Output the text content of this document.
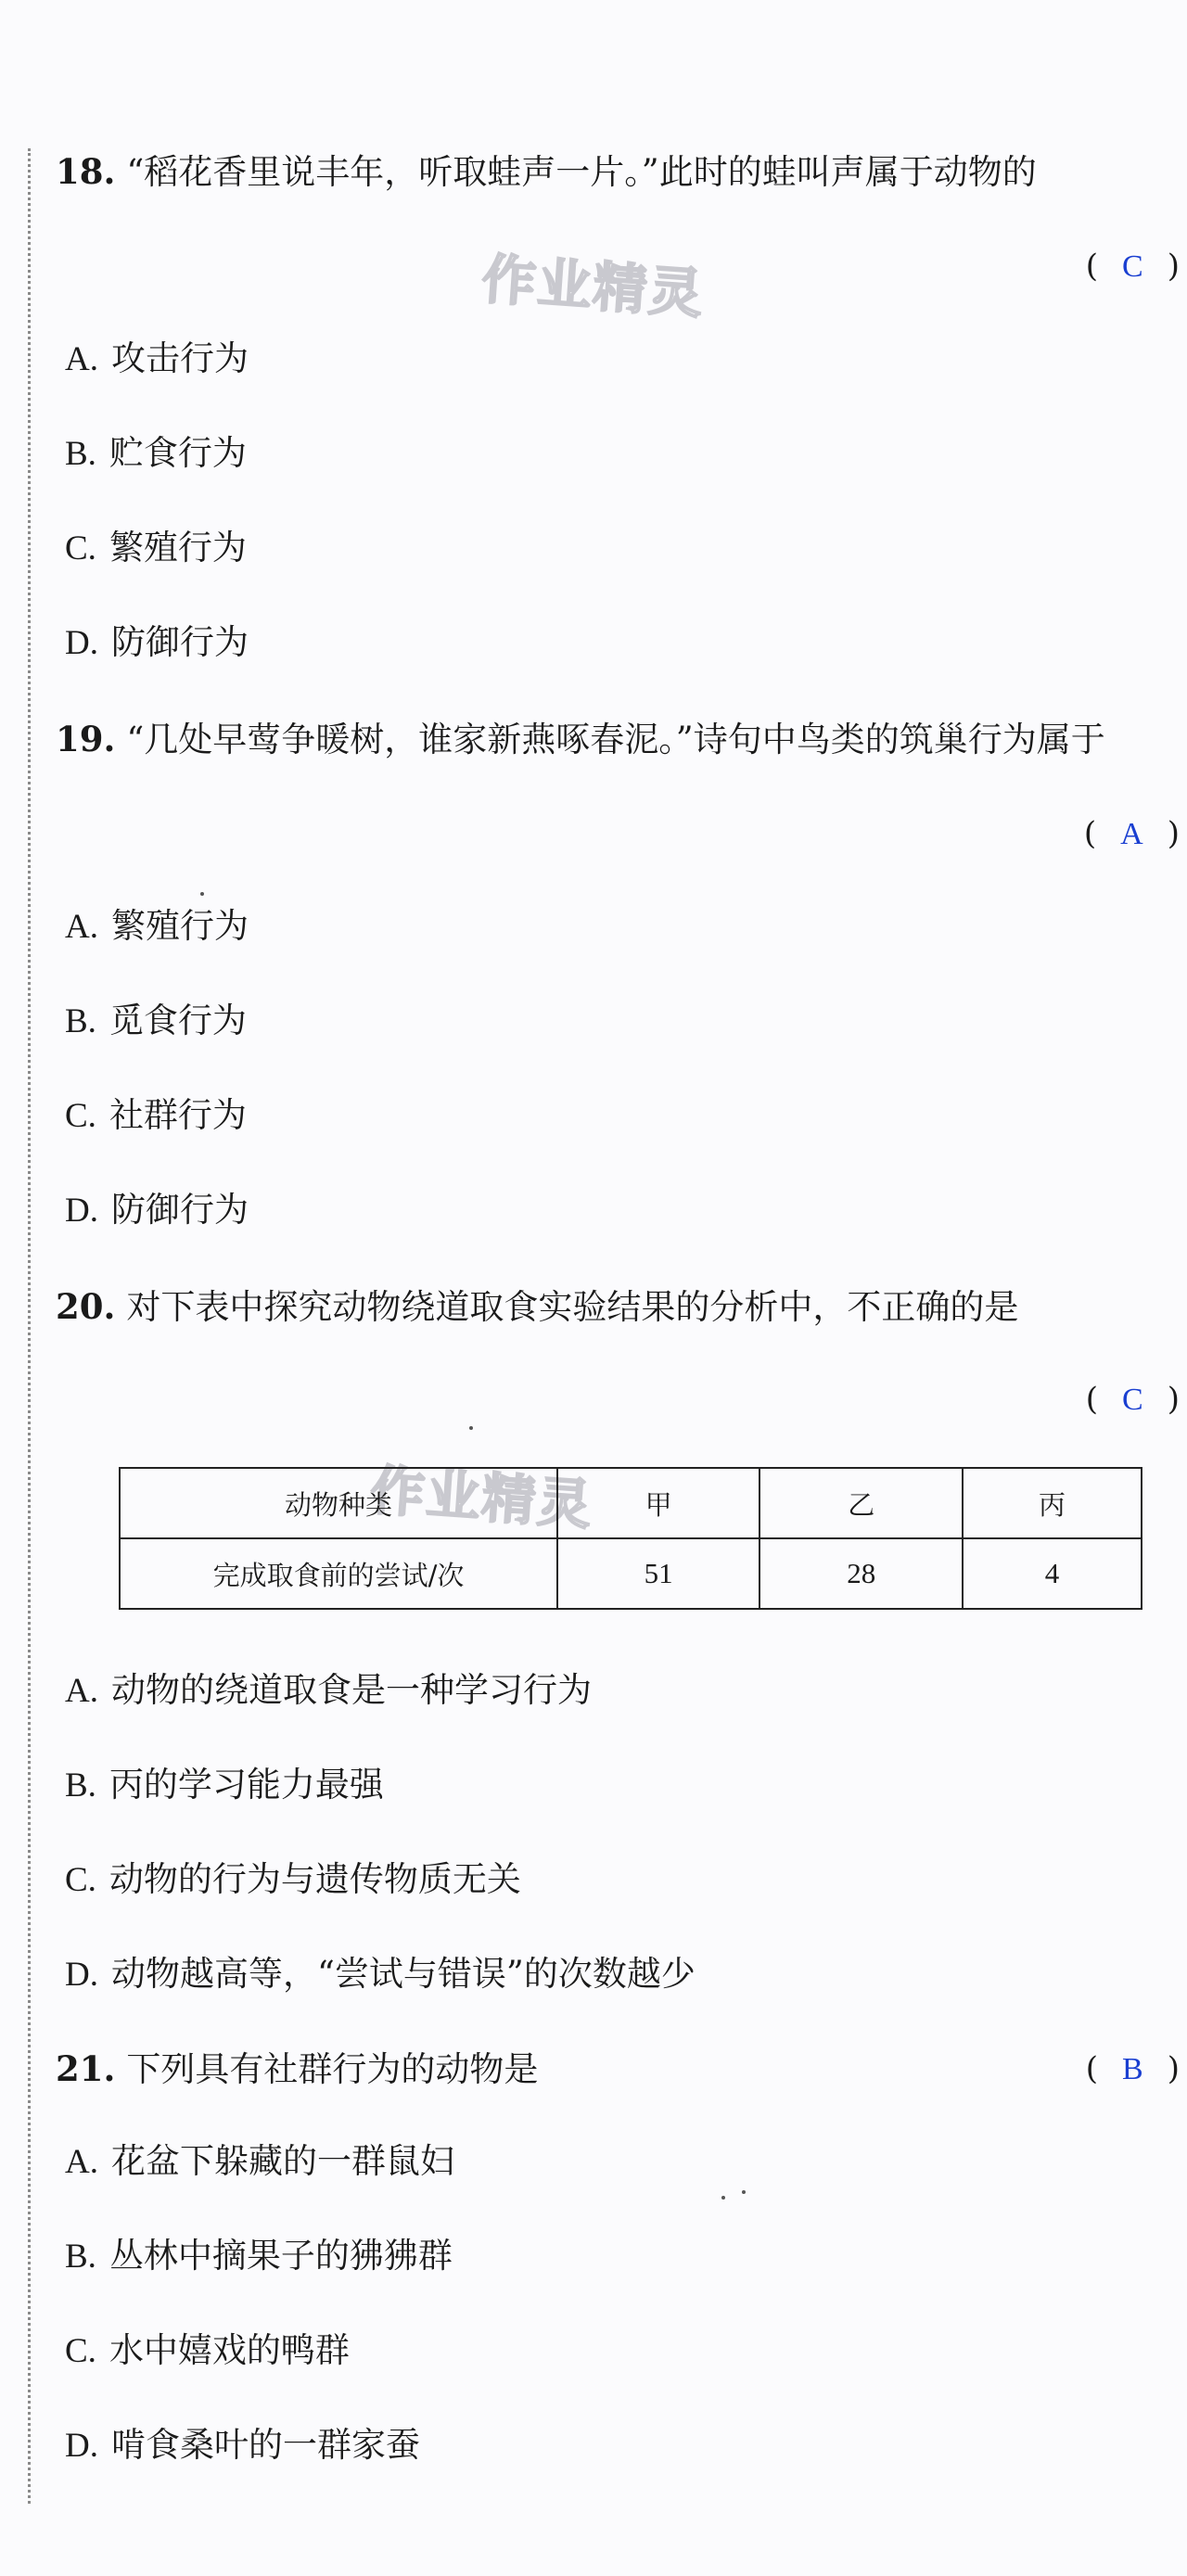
作业精灵
作业精灵
18. “稻花香里说丰年，听取蛙声一片。”此时的蛙叫声属于动物的
( C )
A. 攻击行为
B. 贮食行为
C. 繁殖行为
D. 防御行为
19. “几处早莺争暖树，谁家新燕啄春泥。”诗句中鸟类的筑巢行为属于
( A )
A. 繁殖行为
B. 觅食行为
C. 社群行为
D. 防御行为
20. 对下表中探究动物绕道取食实验结果的分析中，不正确的是
( C )
动物种类	甲	乙	丙
完成取食前的尝试/次	51	28	4
A. 动物的绕道取食是一种学习行为
B. 丙的学习能力最强
C. 动物的行为与遗传物质无关
D. 动物越高等，“尝试与错误”的次数越少
21. 下列具有社群行为的动物是	( B )
A. 花盆下躲藏的一群鼠妇
B. 丛林中摘果子的狒狒群
C. 水中嬉戏的鸭群
D. 啃食桑叶的一群家蚕
